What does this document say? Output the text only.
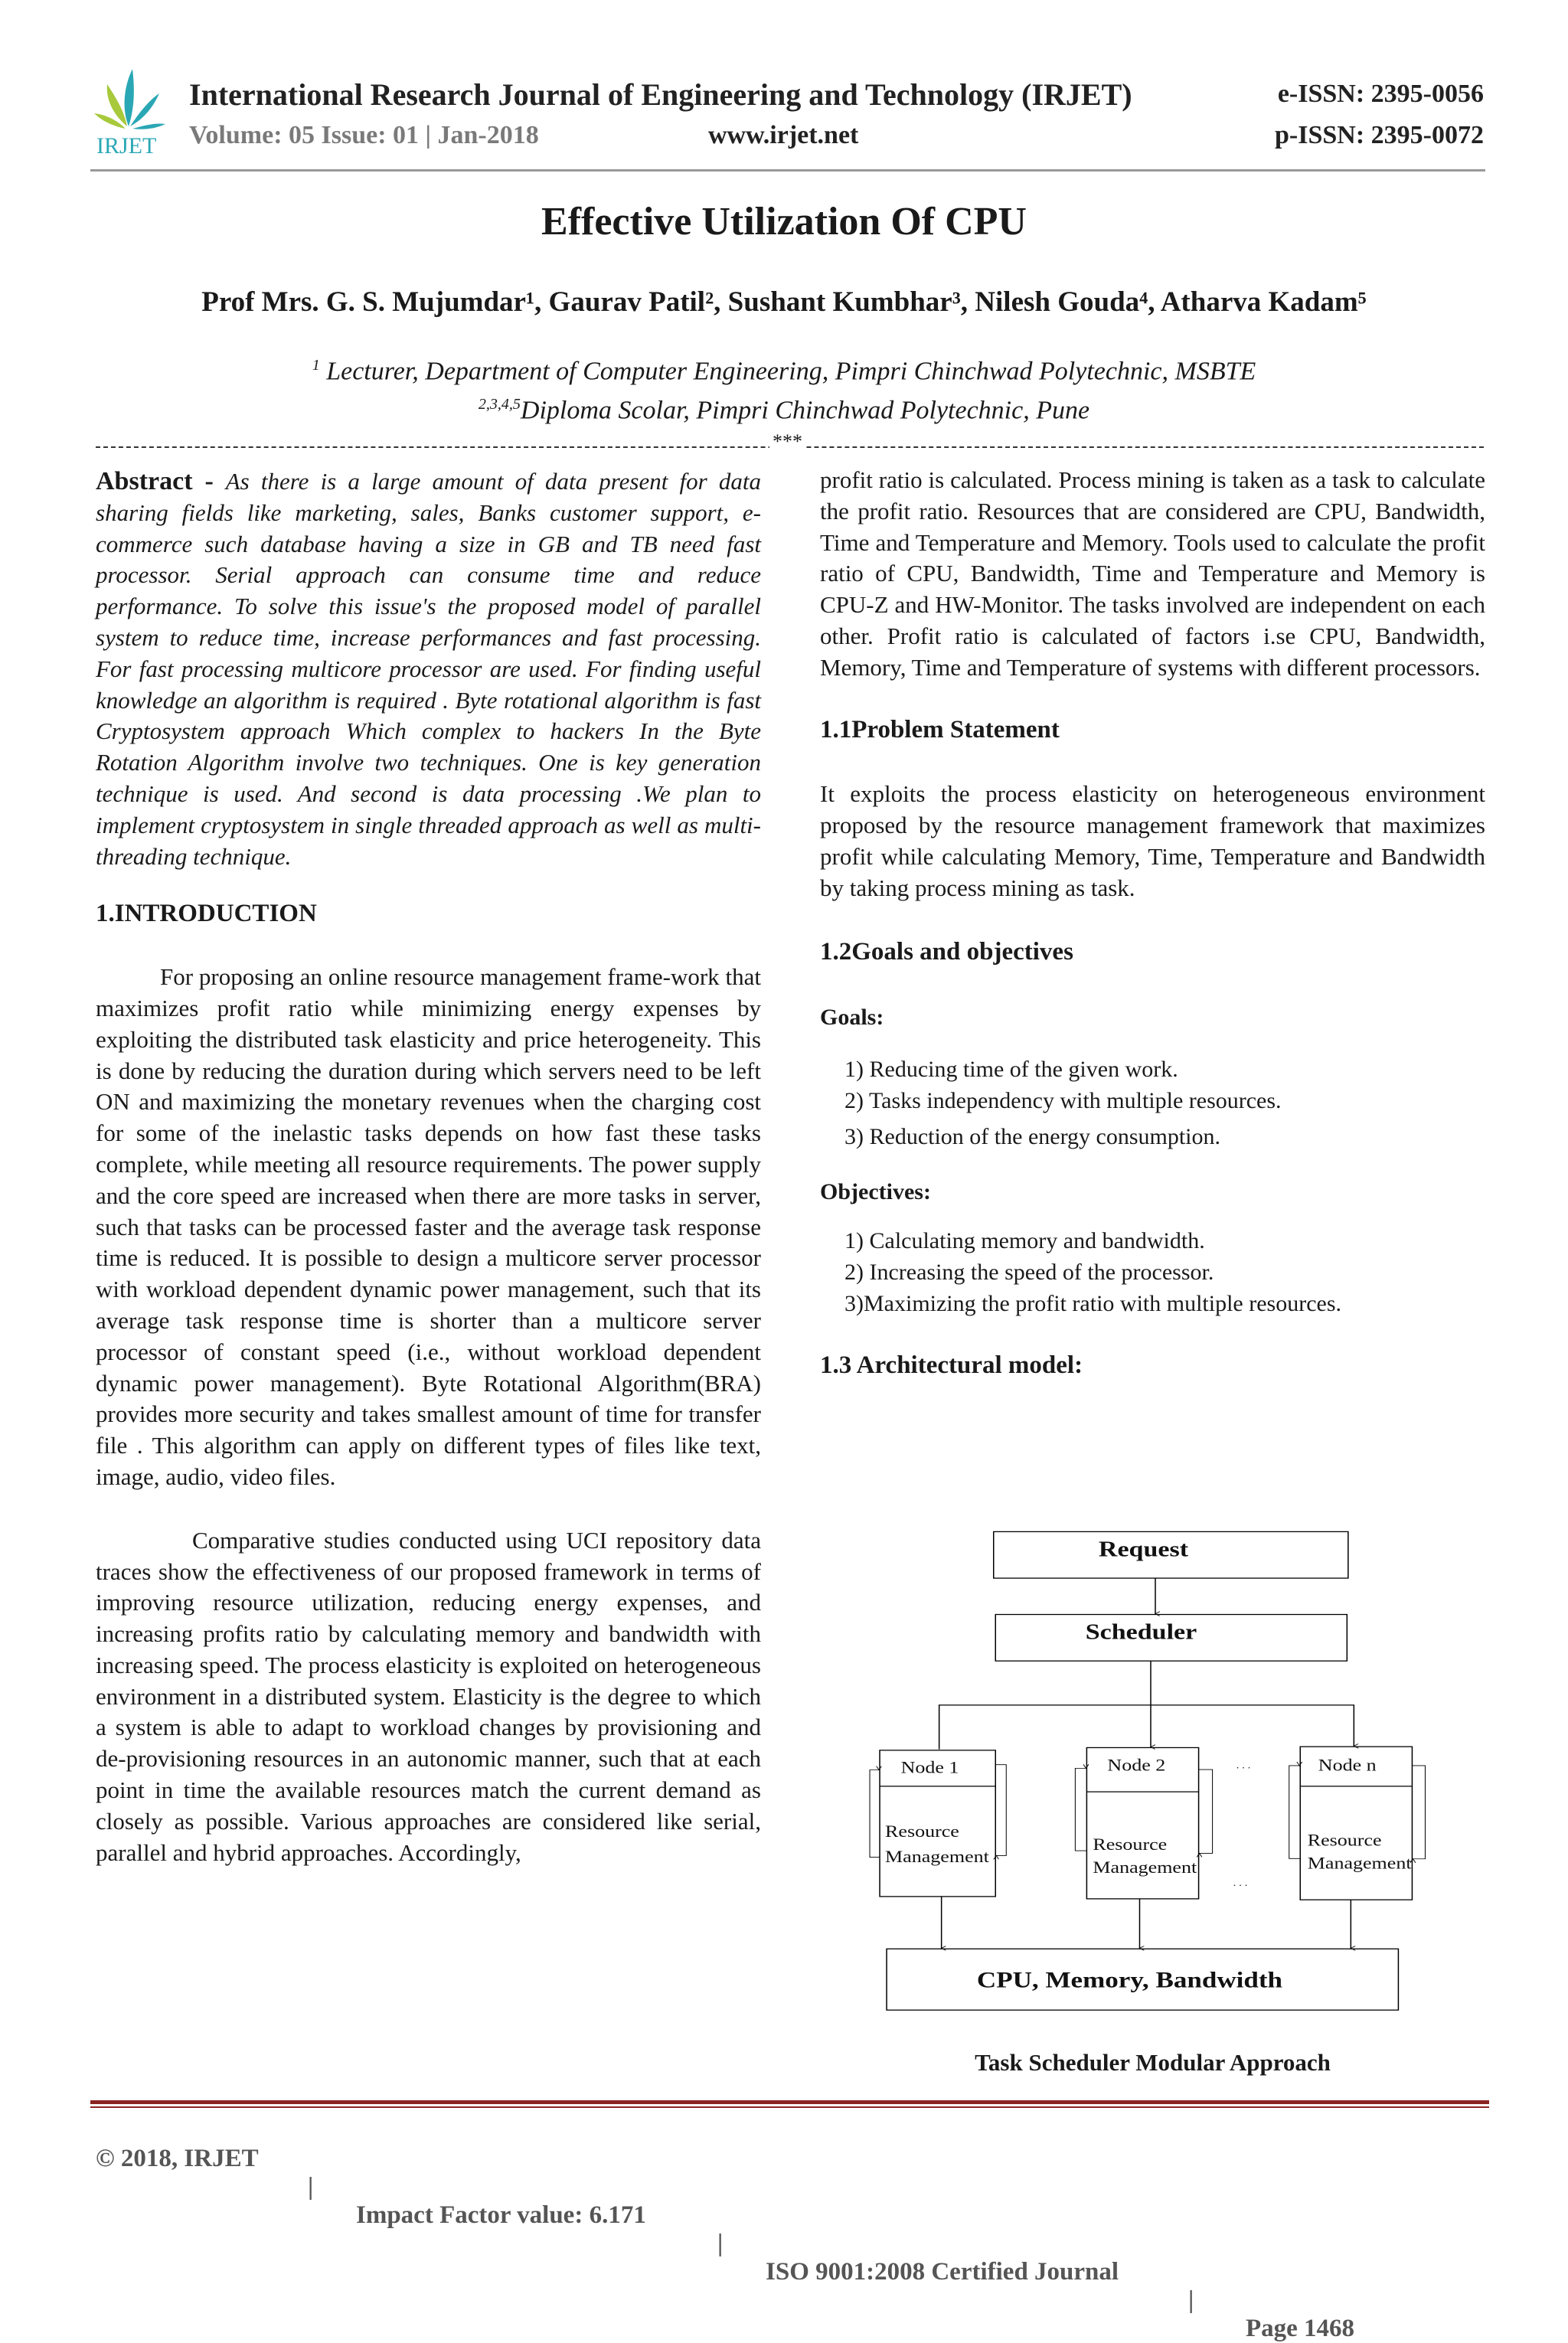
IRJET
International Research Journal of Engineering and Technology (IRJET)
Volume: 05 Issue: 01 | Jan-2018	www.irjet.net
e-ISSN: 2395-0056
p-ISSN: 2395-0072
Effective Utilization Of CPU
Prof Mrs. G. S. Mujumdar¹, Gaurav Patil², Sushant Kumbhar³, Nilesh Gouda⁴, Atharva Kadam⁵
$^1$ Lecturer, Department of Computer Engineering, Pimpri Chinchwad Polytechnic, MSBTE
$^{2,3,4,5}$Diploma Scolar, Pimpri Chinchwad Polytechnic, Pune
***

Abstract - As there is a large amount of data present for data sharing fields like marketing, sales, Banks customer support, e-commerce such database having a size in GB and TB need fast processor. Serial approach can consume time and reduce performance. To solve this issue's the proposed model of parallel system to reduce time, increase performances and fast processing. For fast processing multicore processor are used. For finding useful knowledge an algorithm is required . Byte rotational algorithm is fast Cryptosystem approach Which complex to hackers In the Byte Rotation Algorithm involve two techniques. One is key generation technique is used. And second is data processing .We plan to implement cryptosystem in single threaded approach as well as multi-threading technique.

1.INTRODUCTION

For proposing an online resource management frame-work that maximizes profit ratio while minimizing energy expenses by exploiting the distributed task elasticity and price heterogeneity. This is done by reducing the duration during which servers need to be left ON and maximizing the monetary revenues when the charging cost for some of the inelastic tasks depends on how fast these tasks complete, while meeting all resource requirements. The power supply and the core speed are increased when there are more tasks in server, such that tasks can be processed faster and the average task response time is reduced. It is possible to design a multicore server processor with workload dependent dynamic power management, such that its average task response time is shorter than a multicore server processor of constant speed (i.e., without workload dependent dynamic power management). Byte Rotational Algorithm(BRA) provides more security and takes smallest amount of time for transfer file . This algorithm can apply on different types of files like text, image, audio, video files.

Comparative studies conducted using UCI repository data traces show the effectiveness of our proposed framework in terms of improving resource utilization, reducing energy expenses, and increasing profits ratio by calculating memory and bandwidth with increasing speed. The process elasticity is exploited on heterogeneous environment in a distributed system. Elasticity is the degree to which a system is able to adapt to workload changes by provisioning and de-provisioning resources in an autonomic manner, such that at each point in time the available resources match the current demand as closely as possible. Various approaches are considered like serial, parallel and hybrid approaches. Accordingly,

profit ratio is calculated. Process mining is taken as a task to calculate the profit ratio. Resources that are considered are CPU, Bandwidth, Time and Temperature and Memory. Tools used to calculate the profit ratio of CPU, Bandwidth, Time and Temperature and Memory is CPU-Z and HW-Monitor. The tasks involved are independent on each other. Profit ratio is calculated of factors i.se CPU, Bandwidth, Memory, Time and Temperature of systems with different processors.

1.1Problem Statement

It exploits the process elasticity on heterogeneous environment proposed by the resource management framework that maximizes profit while calculating Memory, Time, Temperature and Bandwidth by taking process mining as task.

1.2Goals and objectives

Goals:

1) Reducing time of the given work.
2) Tasks independency with multiple resources.
3) Reduction of the energy consumption.

Objectives:

1) Calculating memory and bandwidth.
2) Increasing the speed of the processor.
3)Maximizing the profit ratio with multiple resources.

1.3 Architectural model:

Request
Scheduler
Node 1
Resource
Management
Node 2
Resource
Management
Node n
Resource
Management
. . .
. . .
CPU, Memory, Bandwidth
Task Scheduler Modular Approach

© 2018, IRJET

|

Impact Factor value: 6.171

|

ISO 9001:2008 Certified Journal

|

Page 1468
